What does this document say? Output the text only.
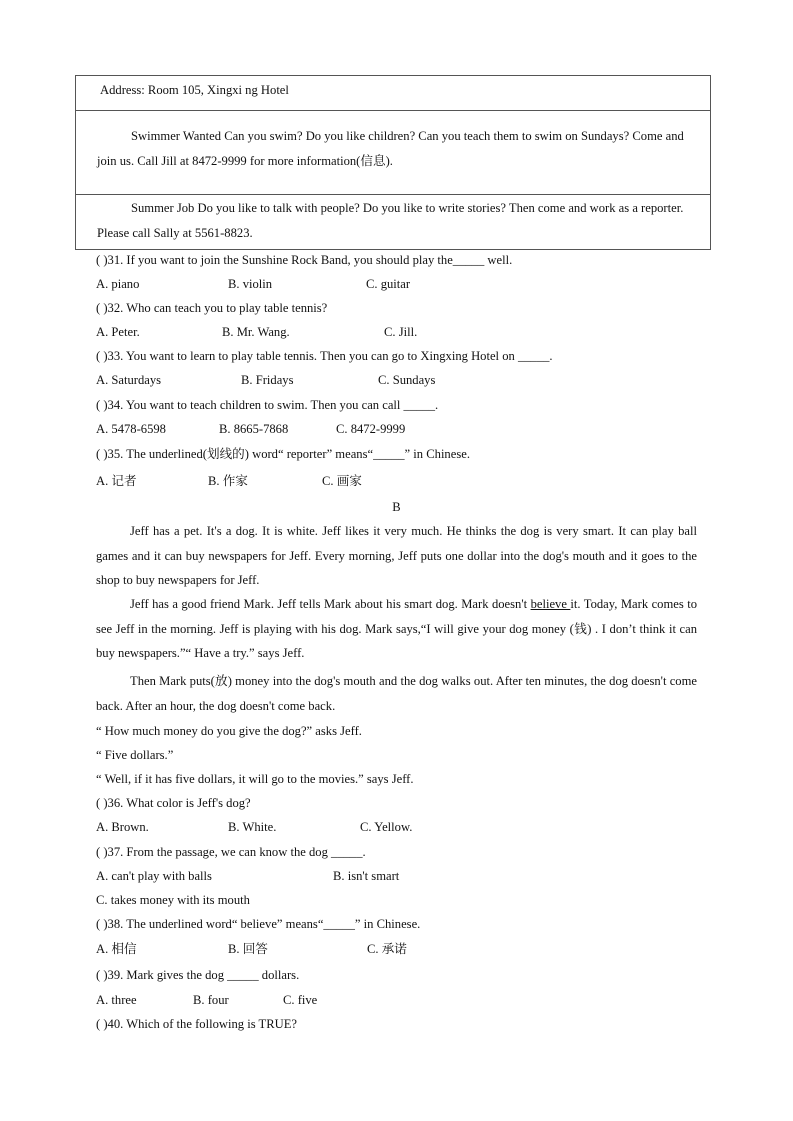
Address: Room 105, Xingxi ng Hotel

Swimmer Wanted Can you swim? Do you like children? Can you teach them to swim on Sundays? Come and join us. Call Jill at 8472-9999 for more information(信息).

Summer Job Do you like to talk with people? Do you like to write stories? Then come and work as a reporter. Please call Sally at 5561-8823.

( )31. If you want to join the Sunshine Rock Band, you should play the_____ well.
A. piano	B. violin	C. guitar
( )32. Who can teach you to play table tennis?
A. Peter.	B. Mr. Wang.	C. Jill.
( )33. You want to learn to play table tennis. Then you can go to Xingxing Hotel on _____.
A. Saturdays	B. Fridays	C. Sundays
( )34. You want to teach children to swim. Then you can call _____.
A. 5478-6598	B. 8665-7868	C. 8472-9999
( )35. The underlined(划线的) word“ reporter” means“_____” in Chinese.
A. 记者	B. 作家	C. 画家
B

Jeff has a pet. It's a dog. It is white. Jeff likes it very much. He thinks the dog is very smart. It can play ball games and it can buy newspapers for Jeff. Every morning, Jeff puts one dollar into the dog's mouth and it goes to the shop to buy newspapers for Jeff.

Jeff has a good friend Mark. Jeff tells Mark about his smart dog. Mark doesn't believe it. Today, Mark comes to see Jeff in the morning. Jeff is playing with his dog. Mark says,“I will give your dog money (钱) . I don’t think it can buy newspapers.”“ Have a try.” says Jeff.

Then Mark puts(放) money into the dog's mouth and the dog walks out. After ten minutes, the dog doesn't come back. After an hour, the dog doesn't come back.

“ How much money do you give the dog?” asks Jeff.
“ Five dollars.”
“ Well, if it has five dollars, it will go to the movies.” says Jeff.
( )36. What color is Jeff's dog?
A. Brown.	B. White.	C. Yellow.
( )37. From the passage, we can know the dog _____.
A. can't play with balls	B. isn't smart
C. takes money with its mouth
( )38. The underlined word“ believe” means“_____” in Chinese.
A. 相信	B. 回答	C. 承诺
( )39. Mark gives the dog _____ dollars.
A. three	B. four	C. five
( )40. Which of the following is TRUE?
